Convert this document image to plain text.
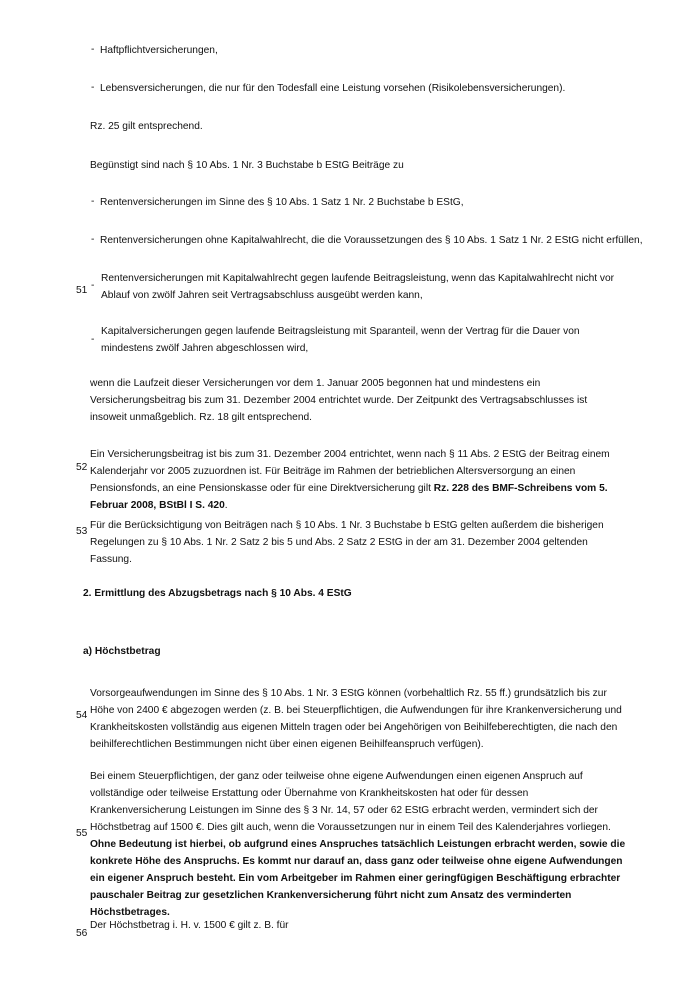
- Haftpflichtversicherungen,
- Lebensversicherungen, die nur für den Todesfall eine Leistung vorsehen (Risikolebensversicherungen).
Rz. 25 gilt entsprechend.
Begünstigt sind nach § 10 Abs. 1 Nr. 3 Buchstabe b EStG Beiträge zu
- Rentenversicherungen im Sinne des § 10 Abs. 1 Satz 1 Nr. 2 Buchstabe b EStG,
- Rentenversicherungen ohne Kapitalwahlrecht, die die Voraussetzungen des § 10 Abs. 1 Satz 1 Nr. 2 EStG nicht erfüllen,
51 -
Rentenversicherungen mit Kapitalwahlrecht gegen laufende Beitragsleistung, wenn das Kapitalwahlrecht nicht vor Ablauf von zwölf Jahren seit Vertragsabschluss ausgeübt werden kann,
-
Kapitalversicherungen gegen laufende Beitragsleistung mit Sparanteil, wenn der Vertrag für die Dauer von mindestens zwölf Jahren abgeschlossen wird,
wenn die Laufzeit dieser Versicherungen vor dem 1. Januar 2005 begonnen hat und mindestens ein Versicherungsbeitrag bis zum 31. Dezember 2004 entrichtet wurde. Der Zeitpunkt des Vertragsabschlusses ist insoweit unmaßgeblich. Rz. 18 gilt entsprechend.
52
Ein Versicherungsbeitrag ist bis zum 31. Dezember 2004 entrichtet, wenn nach § 11 Abs. 2 EStG der Beitrag einem Kalenderjahr vor 2005 zuzuordnen ist. Für Beiträge im Rahmen der betrieblichen Altersversorgung an einen Pensionsfonds, an eine Pensionskasse oder für eine Direktversicherung gilt Rz. 228 des BMF-Schreibens vom 5. Februar 2008, BStBl I S. 420.
53
Für die Berücksichtigung von Beiträgen nach § 10 Abs. 1 Nr. 3 Buchstabe b EStG gelten außerdem die bisherigen Regelungen zu § 10 Abs. 1 Nr. 2 Satz 2 bis 5 und Abs. 2 Satz 2 EStG in der am 31. Dezember 2004 geltenden Fassung.
2. Ermittlung des Abzugsbetrags nach § 10 Abs. 4 EStG
a) Höchstbetrag
54
Vorsorgeaufwendungen im Sinne des § 10 Abs. 1 Nr. 3 EStG können (vorbehaltlich Rz. 55 ff.) grundsätzlich bis zur Höhe von 2400 € abgezogen werden (z. B. bei Steuerpflichtigen, die Aufwendungen für ihre Krankenversicherung und Krankheitskosten vollständig aus eigenen Mitteln tragen oder bei Angehörigen von Beihilfeberechtigten, die nach den beihilferechtlichen Bestimmungen nicht über einen eigenen Beihilfeanspruch verfügen).
55
Bei einem Steuerpflichtigen, der ganz oder teilweise ohne eigene Aufwendungen einen eigenen Anspruch auf vollständige oder teilweise Erstattung oder Übernahme von Krankheitskosten hat oder für dessen Krankenversicherung Leistungen im Sinne des § 3 Nr. 14, 57 oder 62 EStG erbracht werden, vermindert sich der Höchstbetrag auf 1500 €. Dies gilt auch, wenn die Voraussetzungen nur in einem Teil des Kalenderjahres vorliegen. Ohne Bedeutung ist hierbei, ob aufgrund eines Anspruches tatsächlich Leistungen erbracht werden, sowie die konkrete Höhe des Anspruchs. Es kommt nur darauf an, dass ganz oder teilweise ohne eigene Aufwendungen ein eigener Anspruch besteht. Ein vom Arbeitgeber im Rahmen einer geringfügigen Beschäftigung erbrachter pauschaler Beitrag zur gesetzlichen Krankenversicherung führt nicht zum Ansatz des verminderten Höchstbetrages.
56
Der Höchstbetrag i. H. v. 1500 € gilt z. B. für
